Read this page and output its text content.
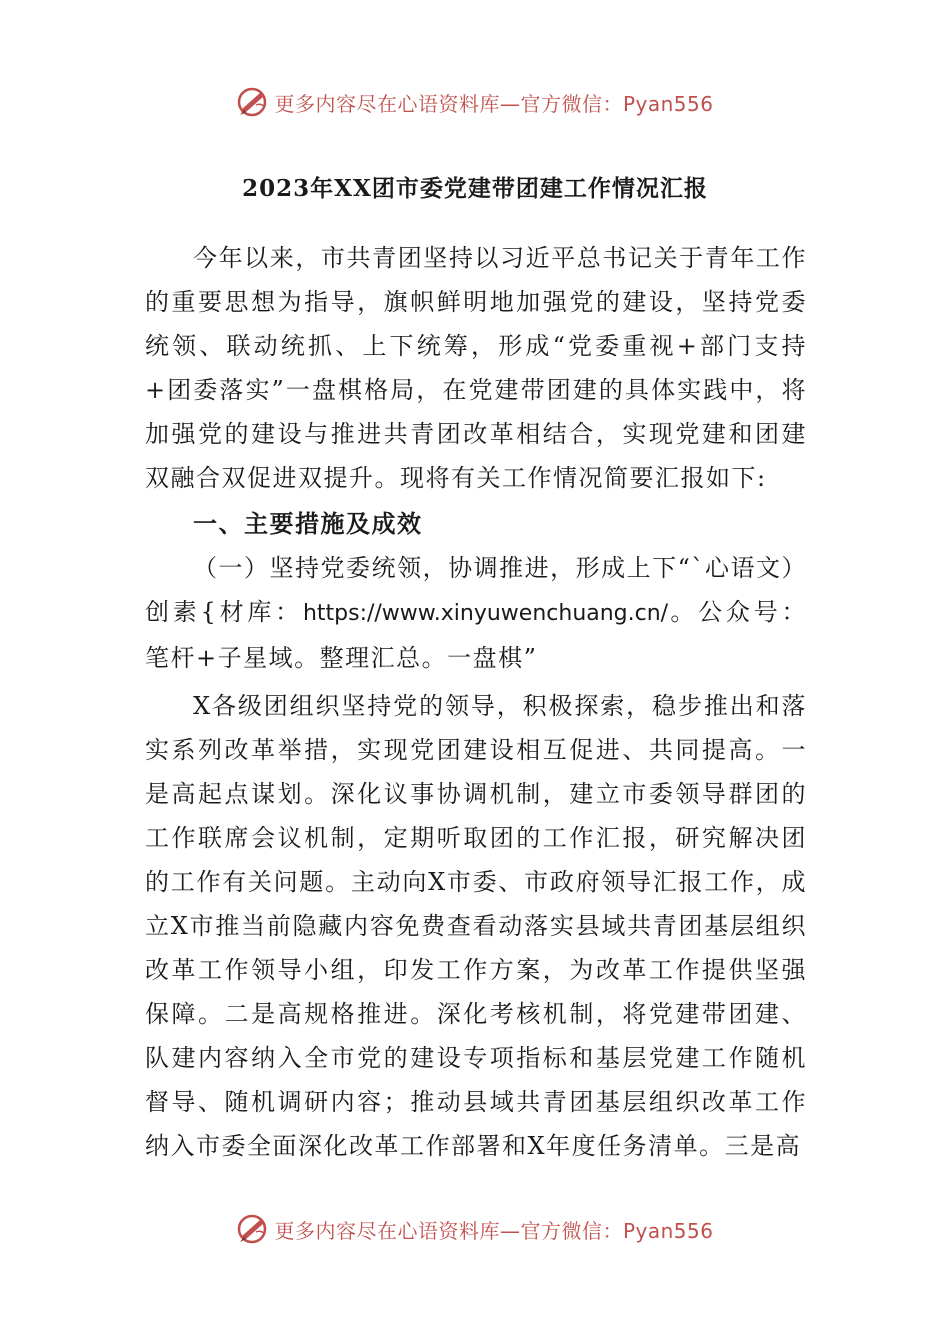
更多内容尽在心语资料库—官方微信：Pyan556
2023年XX团市委党建带团建工作情况汇报

今年以来，市共青团坚持以习近平总书记关于青年工作的重要思想为指导，旗帜鲜明地加强党的建设，坚持党委统领、联动统抓、上下统筹，形成“党委重视+部门支持+团委落实”一盘棋格局，在党建带团建的具体实践中，将加强党的建设与推进共青团改革相结合，实现党建和团建双融合双促进双提升。现将有关工作情况简要汇报如下:

一、主要措施及成效

（一）坚持党委统领，协调推进，形成上下“`心语文）创素{材库：https://www.xinyuwenchuang.cn/。公众号：笔杆+子星域。整理汇总。一盘棋”

X各级团组织坚持党的领导，积极探索，稳步推出和落实系列改革举措，实现党团建设相互促进、共同提高。一是高起点谋划。深化议事协调机制，建立市委领导群团的工作联席会议机制，定期听取团的工作汇报，研究解决团的工作有关问题。主动向X市委、市政府领导汇报工作，成立X市推当前隐藏内容免费查看动落实县域共青团基层组织改革工作领导小组，印发工作方案，为改革工作提供坚强保障。二是高规格推进。深化考核机制，将党建带团建、队建内容纳入全市党的建设专项指标和基层党建工作随机督导、随机调研内容；推动县域共青团基层组织改革工作纳入市委全面深化改革工作部署和X年度任务清单。三是高

更多内容尽在心语资料库—官方微信：Pyan556
